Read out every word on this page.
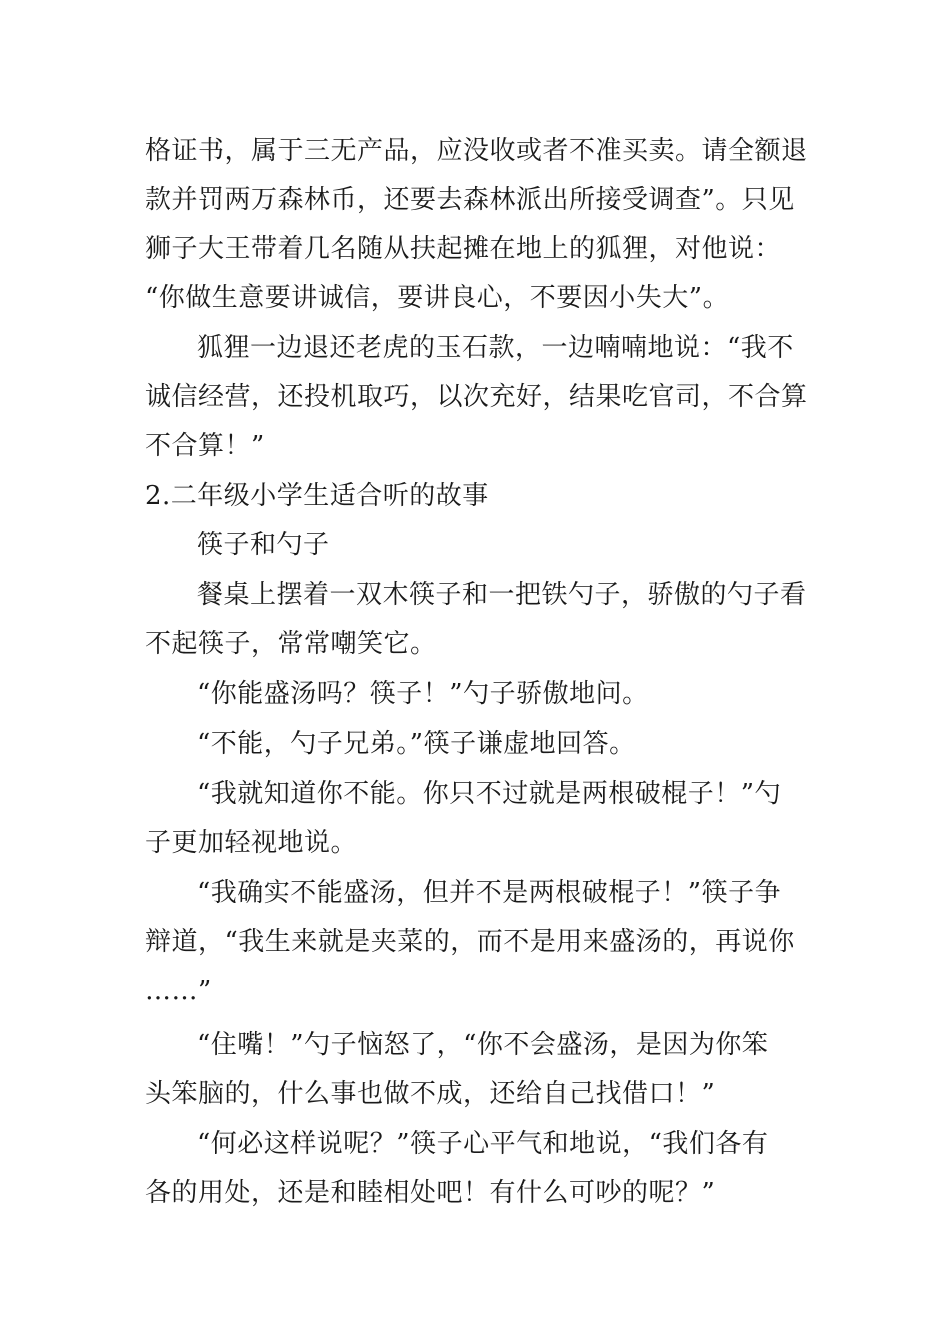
格证书，属于三无产品，应没收或者不准买卖。请全额退
款并罚两万森林币，还要去森林派出所接受调查”。只见
狮子大王带着几名随从扶起摊在地上的狐狸，对他说：
“你做生意要讲诚信，要讲良心，不要因小失大”。
狐狸一边退还老虎的玉石款，一边喃喃地说：“我不
诚信经营，还投机取巧，以次充好，结果吃官司，不合算
不合算！”
2.二年级小学生适合听的故事
筷子和勺子
餐桌上摆着一双木筷子和一把铁勺子，骄傲的勺子看
不起筷子，常常嘲笑它。
“你能盛汤吗？筷子！”勺子骄傲地问。
“不能，勺子兄弟。”筷子谦虚地回答。
“我就知道你不能。你只不过就是两根破棍子！”勺
子更加轻视地说。
“我确实不能盛汤，但并不是两根破棍子！”筷子争
辩道，“我生来就是夹菜的，而不是用来盛汤的，再说你
……”
“住嘴！”勺子恼怒了，“你不会盛汤，是因为你笨
头笨脑的，什么事也做不成，还给自己找借口！”
“何必这样说呢？”筷子心平气和地说，“我们各有
各的用处，还是和睦相处吧！有什么可吵的呢？”
